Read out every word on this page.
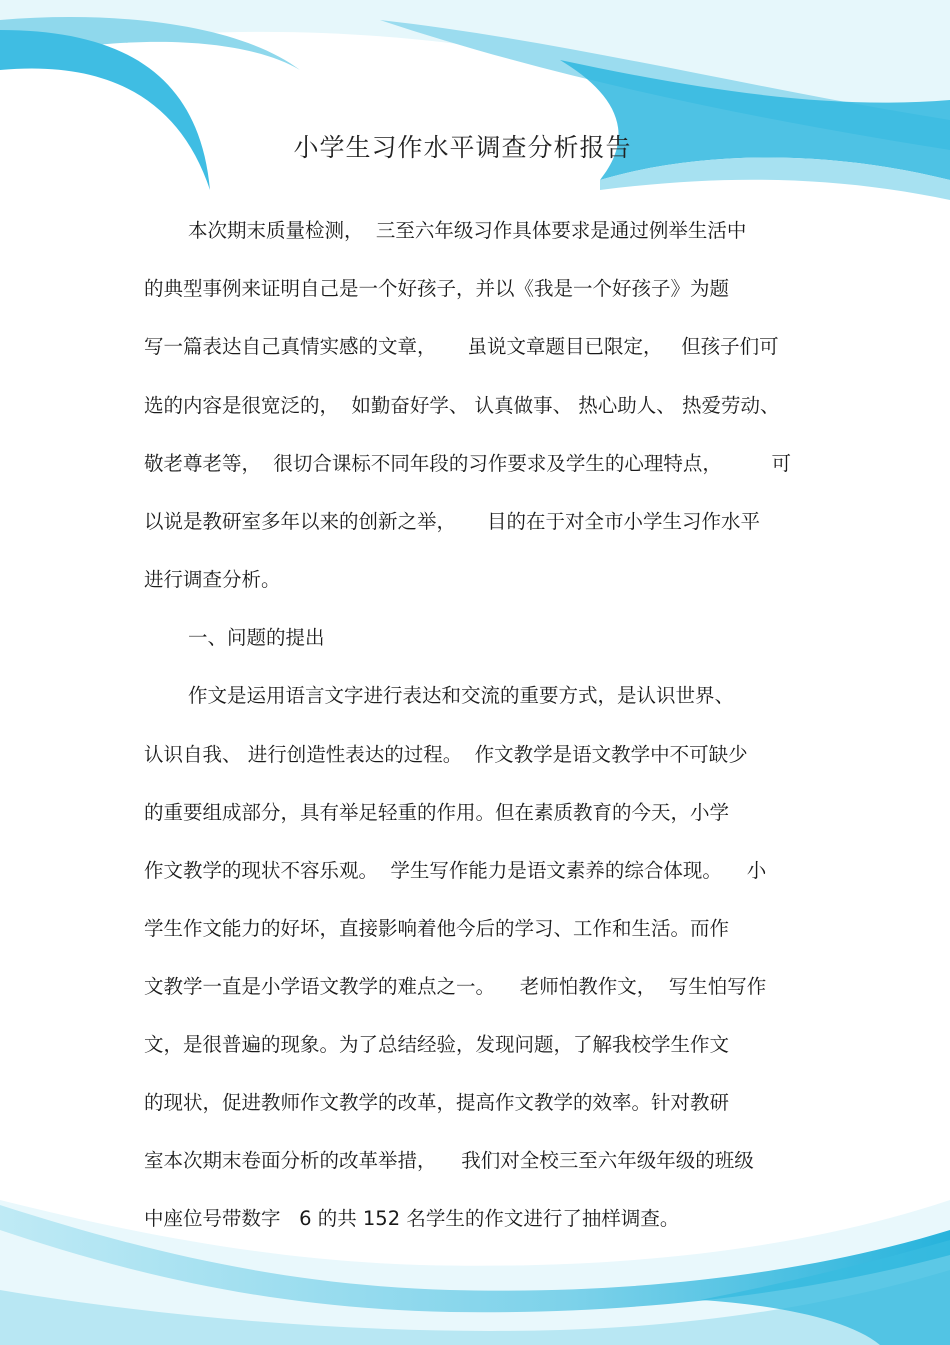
小学生习作水平调查分析报告
本次期末质量检测，  三至六年级习作具体要求是通过例举生活中
的典型事例来证明自己是一个好孩子，并以《我是一个好孩子》为题
写一篇表达自己真情实感的文章，     虽说文章题目已限定，   但孩子们可
选的内容是很宽泛的，  如勤奋好学、 认真做事、 热心助人、 热爱劳动、
敬老尊老等，  很切合课标不同年段的习作要求及学生的心理特点，        可
以说是教研室多年以来的创新之举，     目的在于对全市小学生习作水平
进行调查分析。
一、问题的提出
作文是运用语言文字进行表达和交流的重要方式，是认识世界、
认识自我、 进行创造性表达的过程。  作文教学是语文教学中不可缺少
的重要组成部分，具有举足轻重的作用。但在素质教育的今天，小学
作文教学的现状不容乐观。  学生写作能力是语文素养的综合体现。    小
学生作文能力的好坏，直接影响着他今后的学习、工作和生活。而作
文教学一直是小学语文教学的难点之一。    老师怕教作文，  写生怕写作
文，是很普遍的现象。为了总结经验，发现问题，了解我校学生作文
的现状，促进教师作文教学的改革，提高作文教学的效率。针对教研
室本次期末卷面分析的改革举措，    我们对全校三至六年级年级的班级
中座位号带数字   6 的共 152 名学生的作文进行了抽样调查。
